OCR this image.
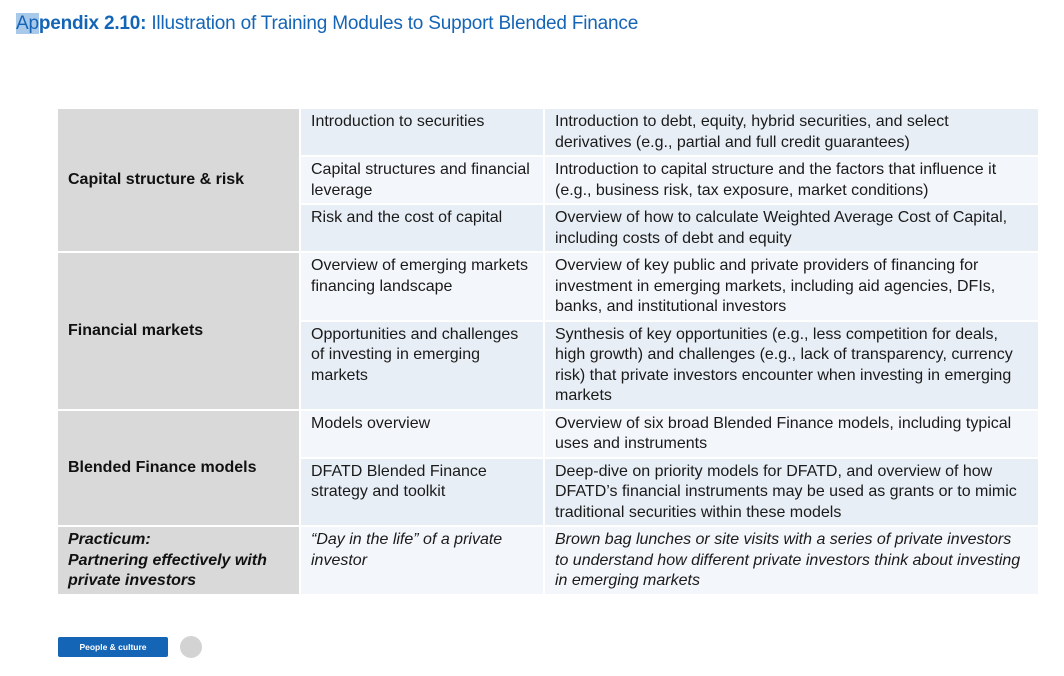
Appendix 2.10: Illustration of Training Modules to Support Blended Finance
Capital structure & risk	Introduction to securities	Introduction to debt, equity, hybrid securities, and select derivatives (e.g., partial and full credit guarantees)
	Capital structures and financial leverage	Introduction to capital structure and the factors that influence it (e.g., business risk, tax exposure, market conditions)
	Risk and the cost of capital	Overview of how to calculate Weighted Average Cost of Capital, including costs of debt and equity
Financial markets	Overview of emerging markets financing landscape	Overview of key public and private providers of financing for investment in emerging markets, including aid agencies, DFIs, banks, and institutional investors
	Opportunities and challenges of investing in emerging markets	Synthesis of key opportunities (e.g., less competition for deals, high growth) and challenges (e.g., lack of transparency, currency risk) that private investors encounter when investing in emerging markets
Blended Finance models	Models overview	Overview of six broad Blended Finance models, including typical uses and instruments
	DFATD Blended Finance strategy and toolkit	Deep-dive on priority models for DFATD, and overview of how DFATD’s financial instruments may be used as grants or to mimic traditional securities within these models
Practicum:
Partnering effectively with private investors	“Day in the life” of a private investor	Brown bag lunches or site visits with a series of private investors to understand how different private investors think about investing in emerging markets
People & culture
